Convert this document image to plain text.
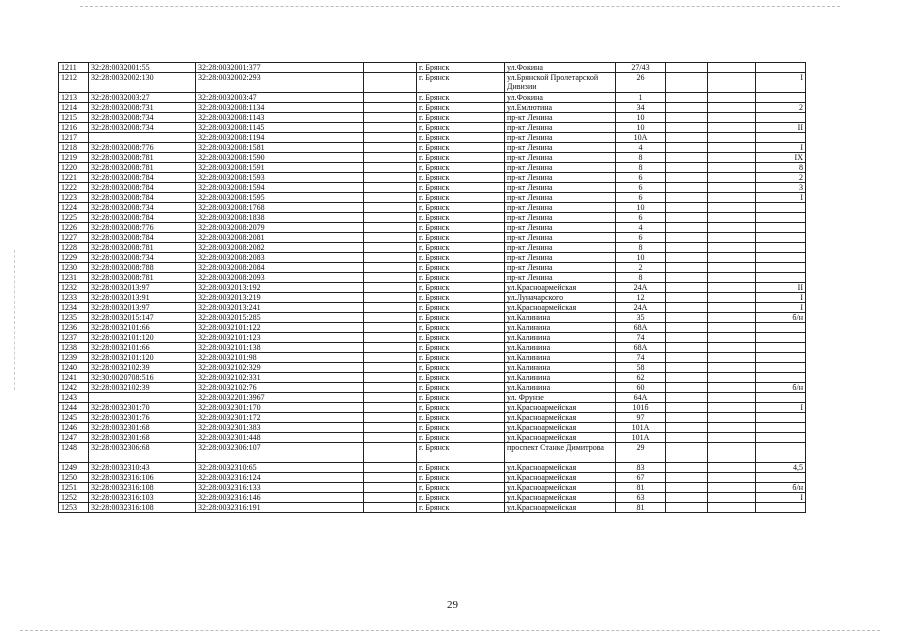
1211	32:28:0032001:55	32:28:0032001:377		г. Брянск	ул.Фокина	27/43			
1212	32:28:0032002:130	32:28:0032002:293		г. Брянск	ул.Брянской Пролетарской Дивизии	26			I
1213	32:28:0032003:27	32:28:0032003:47		г. Брянск	ул.Фокина	1			
1214	32:28:0032008:731	32:28:0032008:1134		г. Брянск	ул.Емлютина	34			2
1215	32:28:0032008:734	32:28:0032008:1143		г. Брянск	пр-кт Ленина	10			
1216	32:28:0032008:734	32:28:0032008:1145		г. Брянск	пр-кт Ленина	10			II
1217		32:28:0032008:1194		г. Брянск	пр-кт Ленина	10А			
1218	32:28:0032008:776	32:28:0032008:1581		г. Брянск	пр-кт Ленина	4			I
1219	32:28:0032008:781	32:28:0032008:1590		г. Брянск	пр-кт Ленина	8			IX
1220	32:28:0032008:781	32:28:0032008:1591		г. Брянск	пр-кт Ленина	8			8
1221	32:28:0032008:784	32:28:0032008:1593		г. Брянск	пр-кт Ленина	6			2
1222	32:28:0032008:784	32:28:0032008:1594		г. Брянск	пр-кт Ленина	6			3
1223	32:28:0032008:784	32:28:0032008:1595		г. Брянск	пр-кт Ленина	6			I
1224	32:28:0032008:734	32:28:0032008:1768		г. Брянск	пр-кт Ленина	10			
1225	32:28:0032008:784	32:28:0032008:1838		г. Брянск	пр-кт Ленина	6			
1226	32:28:0032008:776	32:28:0032008:2079		г. Брянск	пр-кт Ленина	4			
1227	32:28:0032008:784	32:28:0032008:2081		г. Брянск	пр-кт Ленина	6			
1228	32:28:0032008:781	32:28:0032008:2082		г. Брянск	пр-кт Ленина	8			
1229	32:28:0032008:734	32:28:0032008:2083		г. Брянск	пр-кт Ленина	10			
1230	32:28:0032008:788	32:28:0032008:2084		г. Брянск	пр-кт Ленина	2			
1231	32:28:0032008:781	32:28:0032008:2093		г. Брянск	пр-кт Ленина	8			
1232	32:28:0032013:97	32:28:0032013:192		г. Брянск	ул.Красноармейская	24А			II
1233	32:28:0032013:91	32:28:0032013:219		г. Брянск	ул.Луначарского	12			I
1234	32:28:0032013:97	32:28:0032013:241		г. Брянск	ул.Красноармейская	24А			I
1235	32:28:0032015:147	32:28:0032015:285		г. Брянск	ул.Калинина	35			б/н
1236	32:28:0032101:66	32:28:0032101:122		г. Брянск	ул.Калинина	68А			
1237	32:28:0032101:120	32:28:0032101:123		г. Брянск	ул.Калинина	74			
1238	32:28:0032101:66	32:28:0032101:138		г. Брянск	ул.Калинина	68А			
1239	32:28:0032101:120	32:28:0032101:98		г. Брянск	ул.Калинина	74			
1240	32:28:0032102:39	32:28:0032102:329		г. Брянск	ул.Калинина	58			
1241	32:30:0020708:516	32:28:0032102:331		г. Брянск	ул.Калинина	62			
1242	32:28:0032102:39	32:28:0032102:76		г. Брянск	ул.Калинина	60			б/н
1243		32:28:0032201:3967		г. Брянск	ул. Фрунзе	64А			
1244	32:28:0032301:70	32:28:0032301:170		г. Брянск	ул.Красноармейская	101б			I
1245	32:28:0032301:76	32:28:0032301:172		г. Брянск	ул.Красноармейская	97			
1246	32:28:0032301:68	32:28:0032301:383		г. Брянск	ул.Красноармейская	101А			
1247	32:28:0032301:68	32:28:0032301:448		г. Брянск	ул.Красноармейская	101А			
1248	32:28:0032306:68	32:28:0032306:107		г. Брянск	проспект Станке Димитрова	29			
1249	32:28:0032310:43	32:28:0032310:65		г. Брянск	ул.Красноармейская	83			4,5
1250	32:28:0032316:106	32:28:0032316:124		г. Брянск	ул.Красноармейская	67			
1251	32:28:0032316:108	32:28:0032316:133		г. Брянск	ул.Красноармейская	81			б/н
1252	32:28:0032316:103	32:28:0032316:146		г. Брянск	ул.Красноармейская	63			I
1253	32:28:0032316:108	32:28:0032316:191		г. Брянск	ул.Красноармейская	81			
29
